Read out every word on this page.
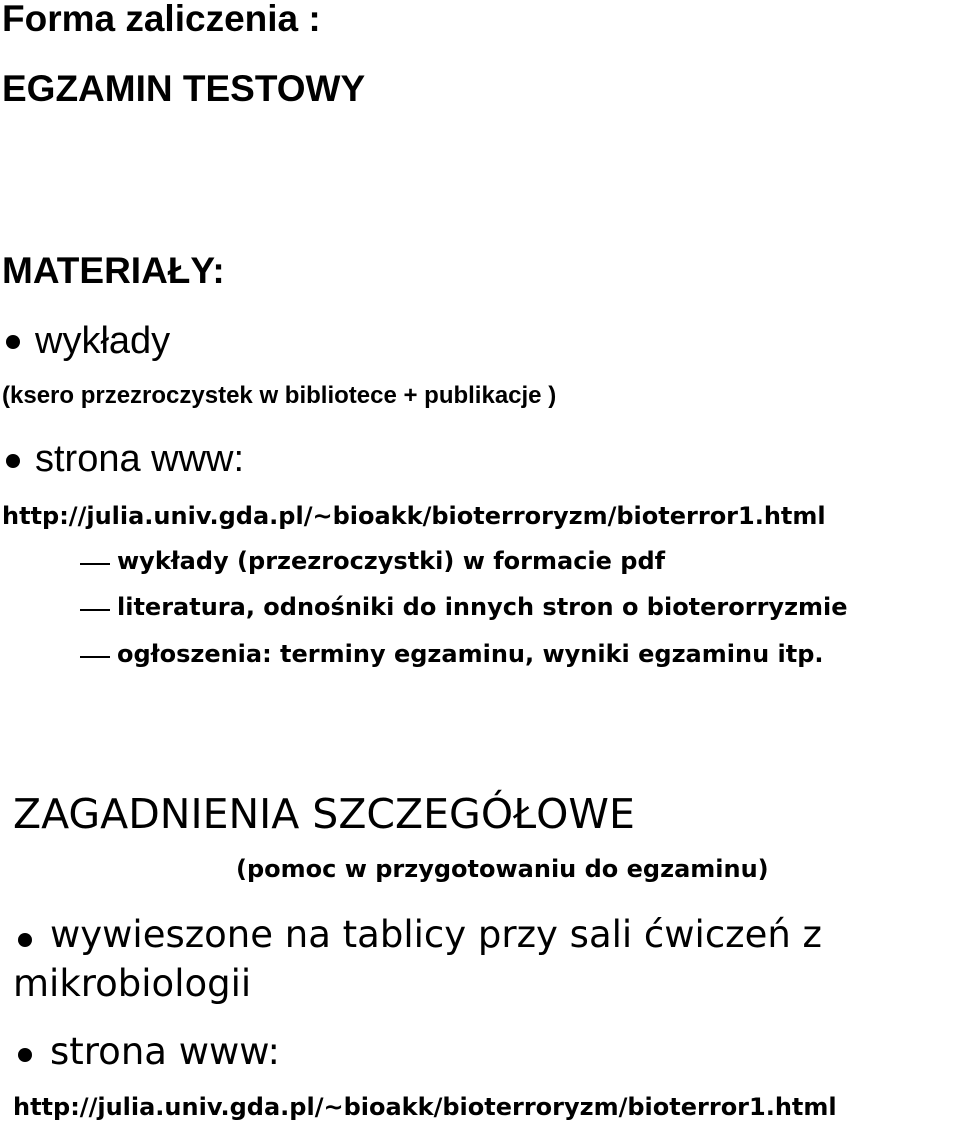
Forma zaliczenia :
EGZAMIN TESTOWY
MATERIAŁY:
wykłady
(ksero przezroczystek w bibliotece + publikacje )
strona www:
http://julia.univ.gda.pl/~bioakk/bioterroryzm/bioterror1.html
wykłady (przezroczystki) w formacie pdf
literatura, odnośniki do innych stron o bioterorryzmie
ogłoszenia: terminy egzaminu, wyniki egzaminu itp.
ZAGADNIENIA SZCZEGÓŁOWE
(pomoc w przygotowaniu do egzaminu)
wywieszone na tablicy przy sali ćwiczeń z
mikrobiologii
strona www:
http://julia.univ.gda.pl/~bioakk/bioterroryzm/bioterror1.html
